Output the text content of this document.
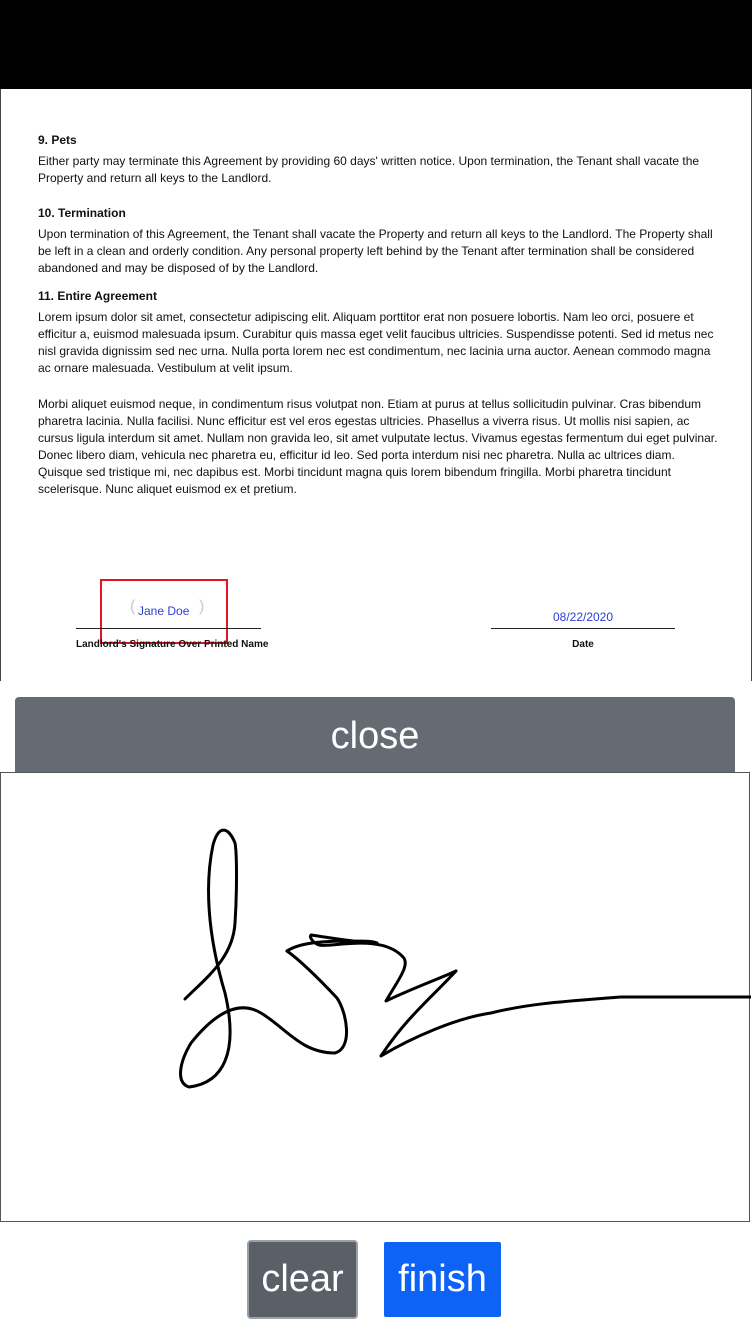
9. Pets

Either party may terminate this Agreement by providing 60 days' written notice. Upon termination, the Tenant shall vacate the Property and return all keys to the Landlord.

10. Termination

Upon termination of this Agreement, the Tenant shall vacate the Property and return all keys to the Landlord. The Property shall be left in a clean and orderly condition. Any personal property left behind by the Tenant after termination shall be considered abandoned and may be disposed of by the Landlord.

11. Entire Agreement

Lorem ipsum dolor sit amet, consectetur adipiscing elit. Aliquam porttitor erat non posuere lobortis. Nam leo orci, posuere et efficitur a, euismod malesuada ipsum. Curabitur quis massa eget velit faucibus ultricies. Suspendisse potenti. Sed id metus nec nisl gravida dignissim sed nec urna. Nulla porta lorem nec est condimentum, nec lacinia urna auctor. Aenean commodo magna ac ornare malesuada. Vestibulum at velit ipsum.

Morbi aliquet euismod neque, in condimentum risus volutpat non. Etiam at purus at tellus sollicitudin pulvinar. Cras bibendum pharetra lacinia. Nulla facilisi. Nunc efficitur est vel eros egestas ultricies. Phasellus a viverra risus. Ut mollis nisi sapien, ac cursus ligula interdum sit amet. Nullam non gravida leo, sit amet vulputate lectus. Vivamus egestas fermentum dui eget pulvinar. Donec libero diam, vehicula nec pharetra eu, efficitur id leo. Sed porta interdum nisi nec pharetra. Nulla ac ultrices diam. Quisque sed tristique mi, nec dapibus est. Morbi tincidunt magna quis lorem bibendum fringilla. Morbi pharetra tincidunt scelerisque. Nunc aliquet euismod ex et pretium.

(	)
Jane Doe
Landlord's Signature Over Printed Name
08/22/2020
Date
close
clear	finish
